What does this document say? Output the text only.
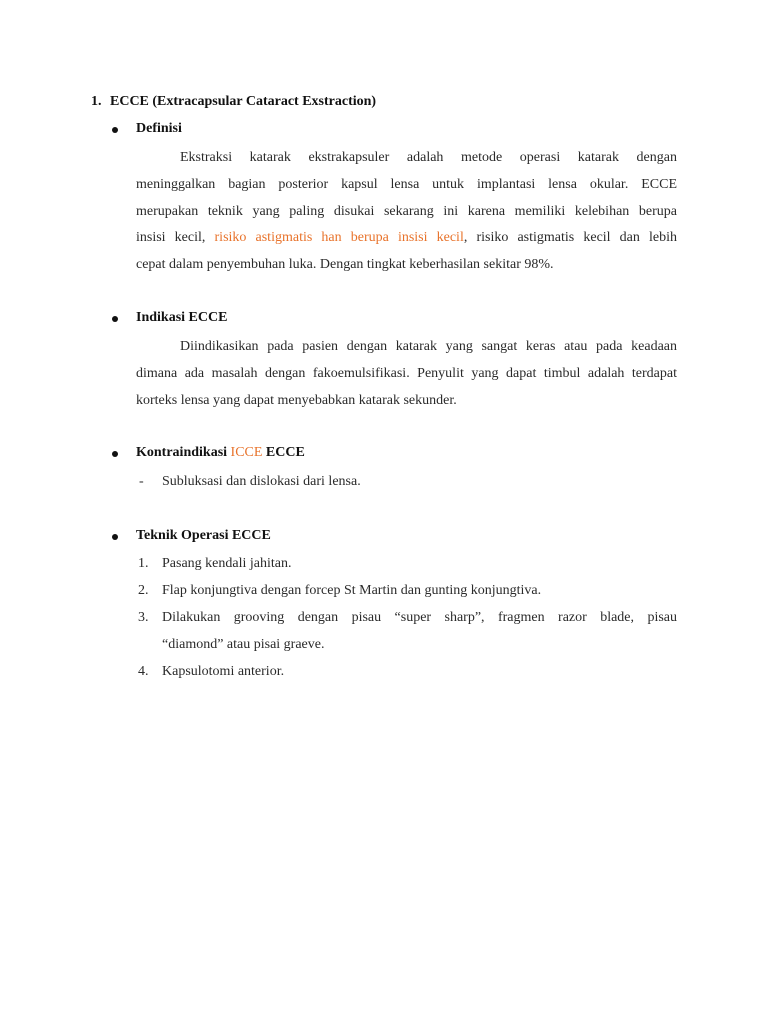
1. ECCE (Extracapsular Cataract Exstraction)
Definisi
Ekstraksi katarak ekstrakapsuler adalah metode operasi katarak dengan
meninggalkan bagian posterior kapsul lensa untuk implantasi lensa okular. ECCE
merupakan teknik yang paling disukai sekarang ini karena memiliki kelebihan berupa
insisi kecil, risiko astigmatis han berupa insisi kecil, risiko astigmatis kecil dan lebih
cepat dalam penyembuhan luka. Dengan tingkat keberhasilan sekitar 98%.
Indikasi ECCE
Diindikasikan pada pasien dengan katarak yang sangat keras atau pada keadaan
dimana ada masalah dengan fakoemulsifikasi. Penyulit yang dapat timbul adalah terdapat
korteks lensa yang dapat menyebabkan katarak sekunder.
Kontraindikasi ICCE ECCE
- Subluksasi dan dislokasi dari lensa.
Teknik Operasi ECCE
1. Pasang kendali jahitan.
2. Flap konjungtiva dengan forcep St Martin dan gunting konjungtiva.
3. Dilakukan grooving dengan pisau “super sharp”, fragmen razor blade, pisau
“diamond” atau pisai graeve.
4. Kapsulotomi anterior.
